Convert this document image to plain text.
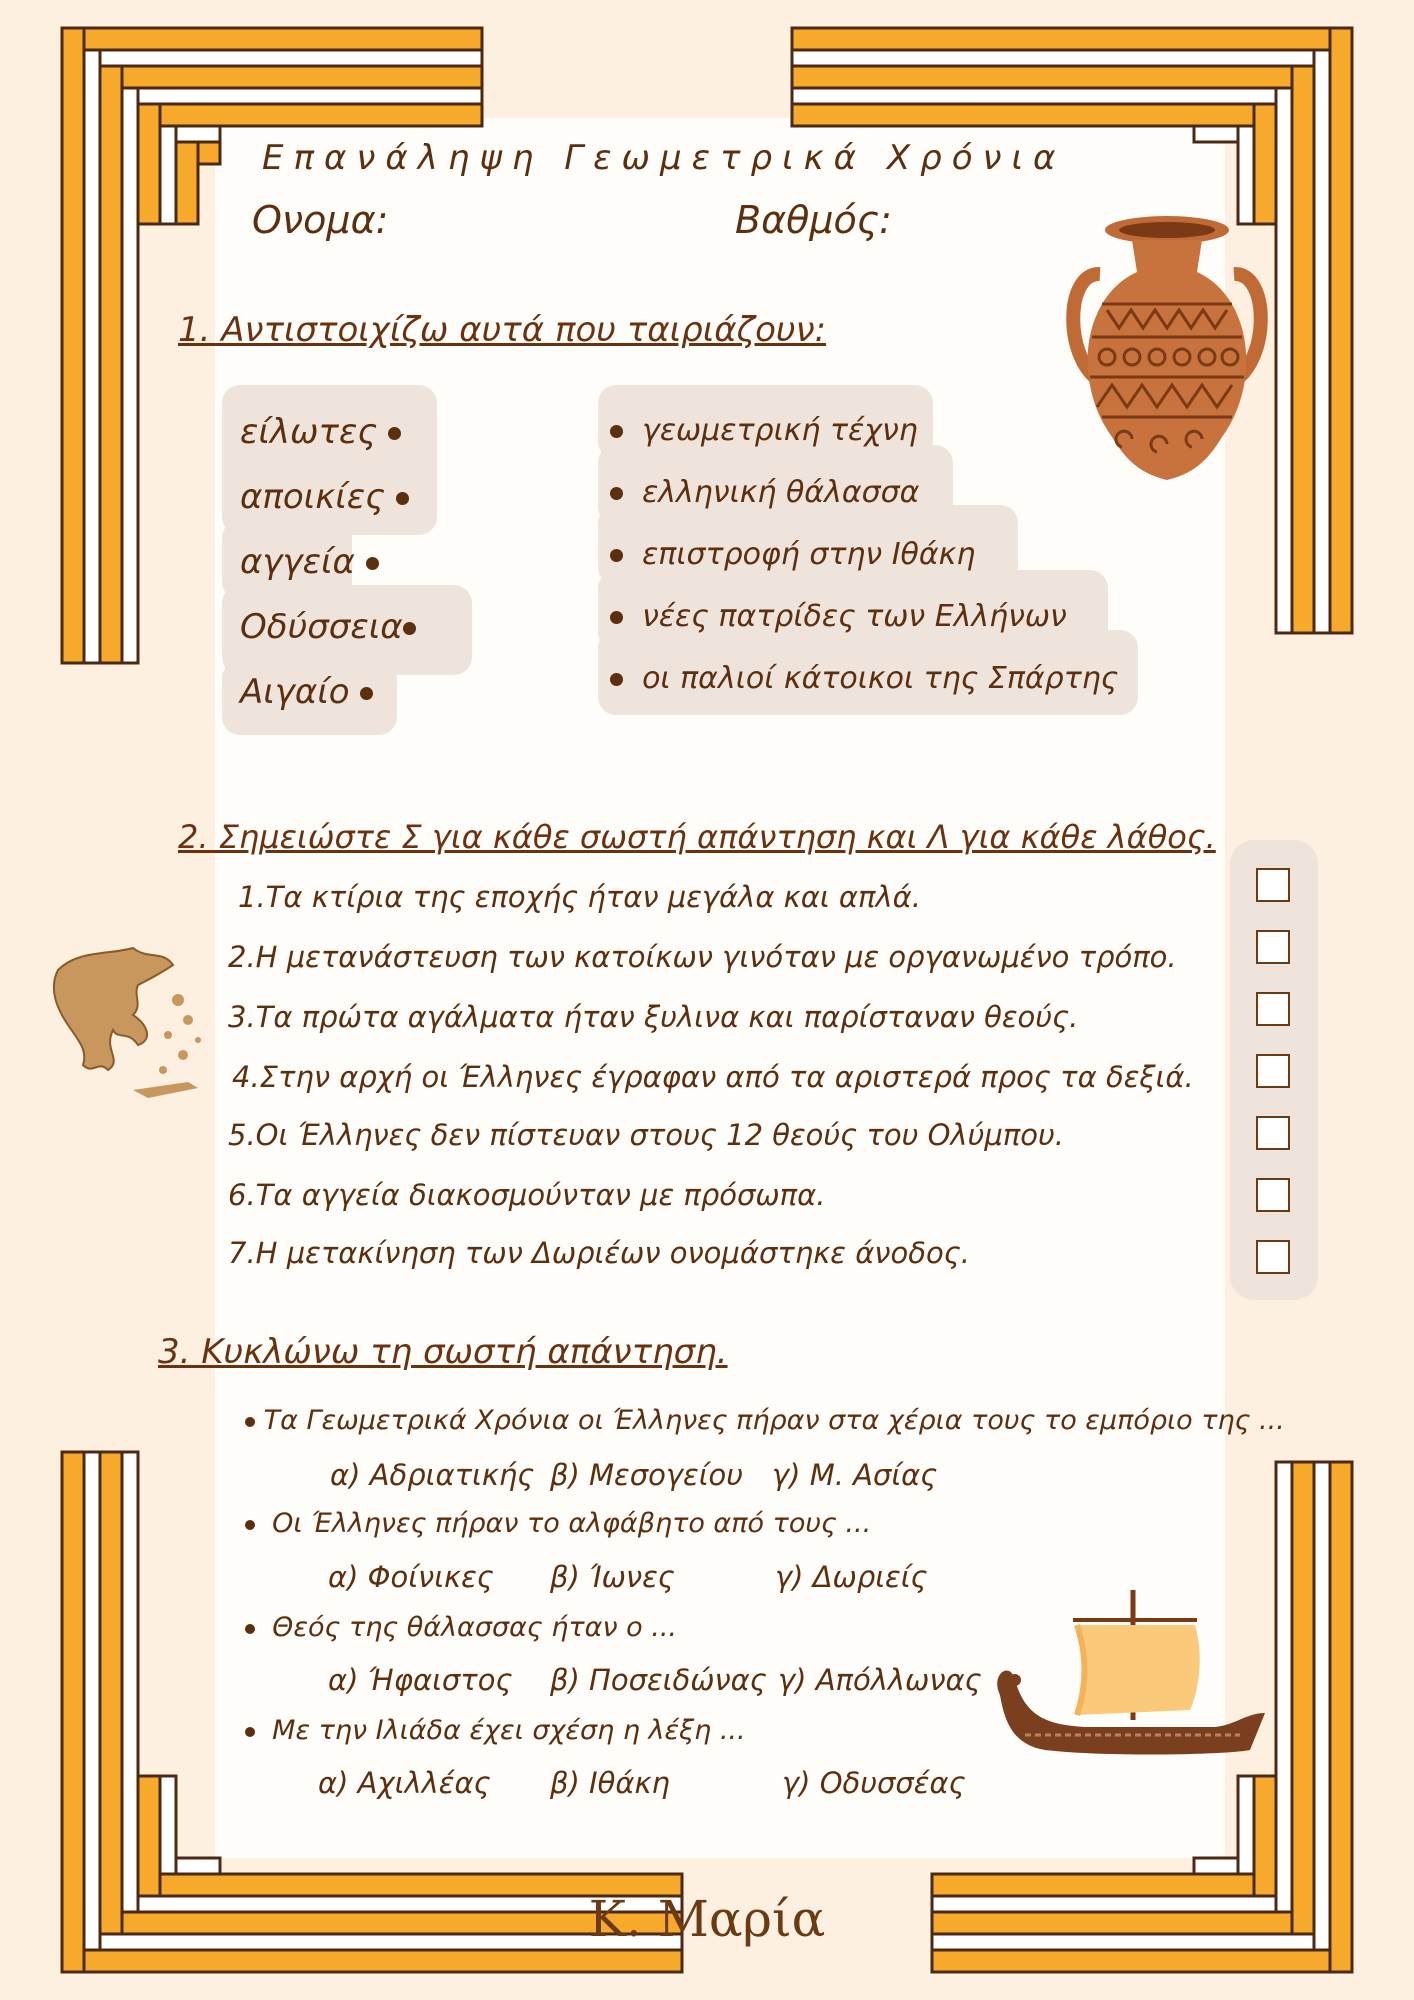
Επανάληψη Γεωμετρικά Χρόνια
Ονομα:	Βαθμός:
1. Αντιστοιχίζω αυτά που ταιριάζουν:
είλωτες
αποικίες
αγγεία
Οδύσσεια
Αιγαίο
γεωμετρική τέχνη
ελληνική θάλασσα
επιστροφή στην Ιθάκη
νέες πατρίδες των Ελλήνων
οι παλιοί κάτοικοι της Σπάρτης
2. Σημειώστε Σ για κάθε σωστή απάντηση και Λ για κάθε λάθος.
1.Τα κτίρια της εποχής ήταν μεγάλα και απλά.
2.Η μετανάστευση των κατοίκων γινόταν με οργανωμένο τρόπο.
3.Τα πρώτα αγάλματα ήταν ξυλινα και παρίσταναν θεούς.
4.Στην αρχή οι Έλληνες έγραφαν από τα αριστερά προς τα δεξιά.
5.Οι Έλληνες δεν πίστευαν στους 12 θεούς του Ολύμπου.
6.Τα αγγεία διακοσμούνταν με πρόσωπα.
7.Η μετακίνηση των Δωριέων ονομάστηκε άνοδος.
3. Κυκλώνω τη σωστή απάντηση.
Τα Γεωμετρικά Χρόνια οι Έλληνες πήραν στα χέρια τους το εμπόριο της ...
α) Αδριατικής β) Μεσογείου γ) Μ. Ασίας
Οι Έλληνες πήραν το αλφάβητο από τους ...
α) Φοίνικες β) Ίωνες	γ) Δωριείς
Θεός της θάλασσας ήταν ο ...
α) Ήφαιστος β) Ποσειδώνας γ) Απόλλωνας
Με την Ιλιάδα έχει σχέση η λέξη ...
α) Αχιλλέας β) Ιθάκη	γ) Οδυσσέας
Κ. Μαρία
